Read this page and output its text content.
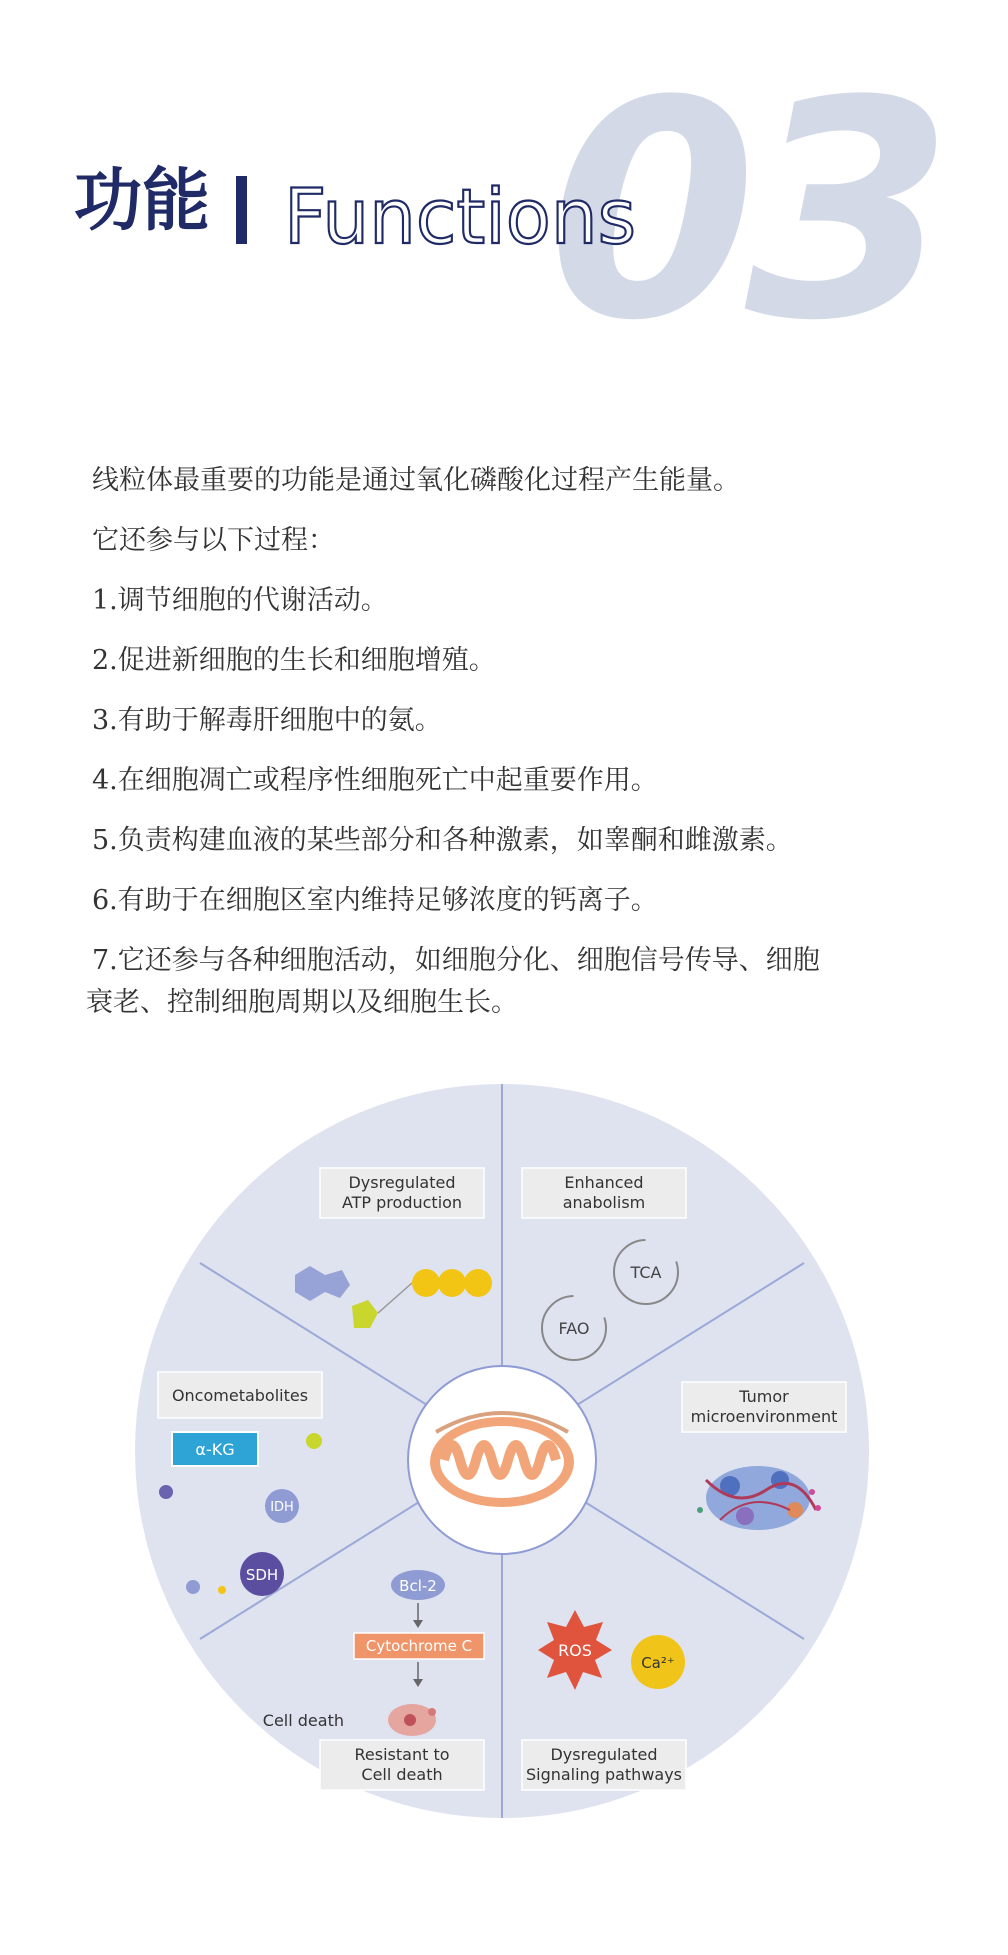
03
功能 Functions

线粒体最重要的功能是通过氧化磷酸化过程产生能量。

它还参与以下过程：

1.调节细胞的代谢活动。

2.促进新细胞的生长和细胞增殖。

3.有助于解毒肝细胞中的氨。

4.在细胞凋亡或程序性细胞死亡中起重要作用。

5.负责构建血液的某些部分和各种激素，如睾酮和雌激素。

6.有助于在细胞区室内维持足够浓度的钙离子。

7.它还参与各种细胞活动，如细胞分化、细胞信号传导、细胞

衰老、控制细胞周期以及细胞生长。

Dysregulated
ATP production
Enhanced
anabolism
TCA
FAO
Oncometabolites
α-KG
IDH
SDH
Tumor
microenvironment
Bcl-2
Cytochrome C
Cell death
Resistant to
Cell death
ROS
Ca²⁺
Dysregulated
Signaling pathways
